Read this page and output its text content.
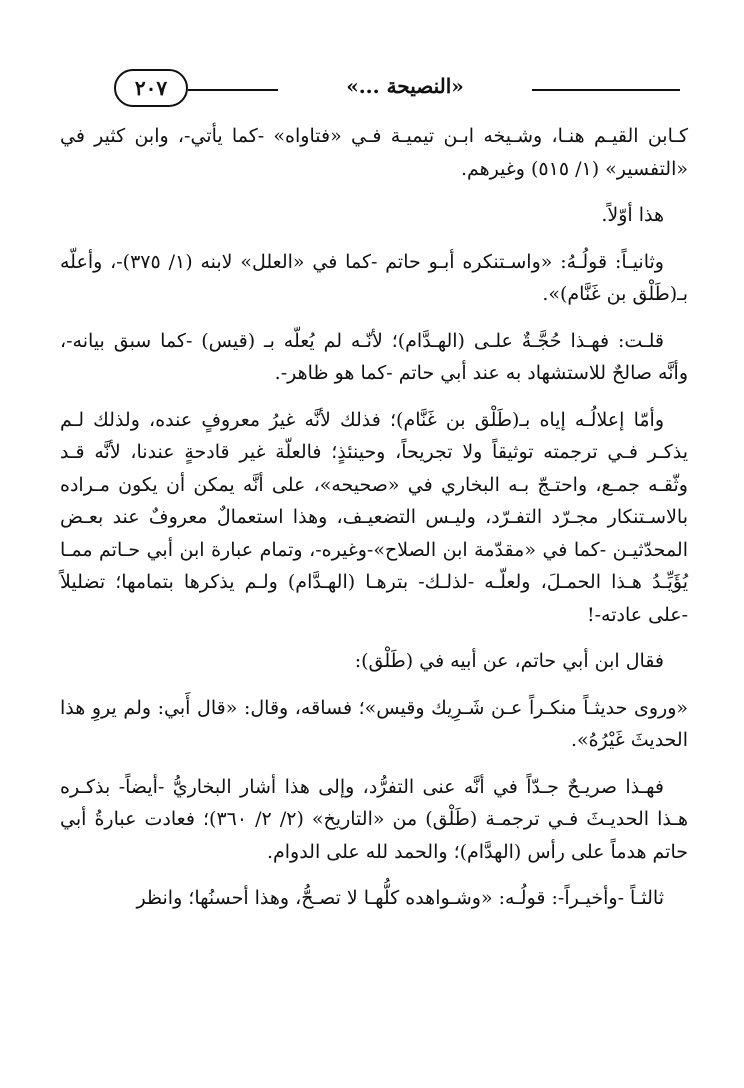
٢٠٧	«النصيحة ...»

كـابن القيـم هنـا، وشـيخه ابـن تيميـة فـي «فتاواه» -كما يأتي-، وابن كثير في «التفسير» (١/ ٥١٥) وغيرهم.

هذا أوّلاً.

وثانيـاً: قولُـهُ: «واسـتنكره أبـو حاتم -كما في «العلل» لابنه (١/ ٣٧٥)-، وأعلّه بـ(طَلْق بن غَنَّام)».

قلـت: فهـذا حُجَّـةٌ علـى (الهـدَّام)؛ لأنّـه لم يُعلّه بـ (قيس) -كما سبق بيانه-، وأنَّه صالحٌ للاستشهاد به عند أبي حاتم -كما هو ظاهر-.

وأمّا إعلالُـه إياه بـ(طَلْق بن غَنَّام)؛ فذلك لأنَّه غيرُ معروفٍ عنده، ولذلك لـم يذكـر فـي ترجمته توثيقاً ولا تجريحاً، وحينئذٍ؛ فالعلّة غير قادحةٍ عندنا، لأنَّه قـد وثّقـه جمـع، واحتـجّ بـه البخاري في «صحيحه»، على أنَّه يمكن أن يكون مـراده بالاسـتنكار مجـرّد التفـرّد، وليـس التضعيـف، وهذا استعمالٌ معروفٌ عند بعـض المحدّثيـن -كما في «مقدّمة ابن الصلاح»-وغيره-، وتمام عبارة ابن أبي حـاتم ممـا يُؤَيِّـدُ هـذا الحمـلَ، ولعلّـه -لذلـك- بترهـا (الهـدَّام) ولـم يذكرها بتمامها؛ تضليلاً -على عادته-!

فقال ابن أبي حاتم، عن أبيه في (طَلْق):

«وروى حديثـاً منكـراً عـن شَـرِيك وقيس»؛ فساقه، وقال: «قال أَبي: ولم يروِ هذا الحديثَ غَيْرُهُ».

فهـذا صريـحٌ جـدّاً في أنَّه عنى التفرُّد، وإلى هذا أشار البخاريُّ -أيضاً- بذكـره هـذا الحديـثَ فـي ترجمـة (طَلْق) من «التاريخ» (٢/ ٢/ ٣٦٠)؛ فعادت عبارةُ أبي حاتم هدماً على رأس (الهدَّام)؛ والحمد لله على الدوام.

ثالثـاً -وأخيـراً-: قولُـه: «وشـواهده كلُّهـا لا تصـحُّ، وهذا أحسنُها؛ وانظر
